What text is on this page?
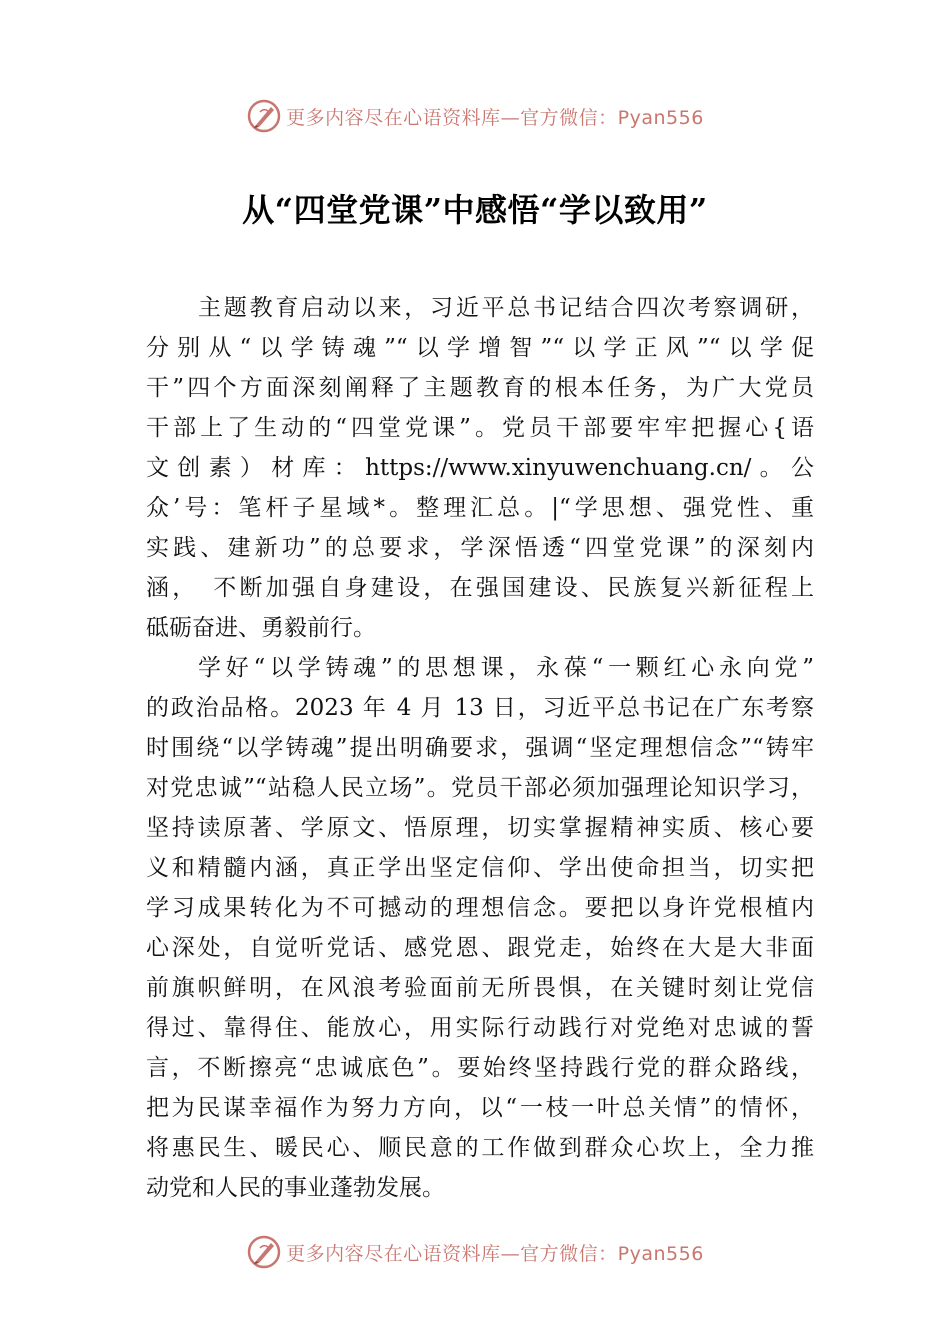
更多内容尽在心语资料库—官方微信：Pyan556
从“四堂党课”中感悟“学以致用”
主题教育启动以来，习近平总书记结合四次考察调研，
分别从“以学铸魂”“以学增智”“以学正风”“以学促
干”四个方面深刻阐释了主题教育的根本任务，为广大党员
干部上了生动的“四堂党课”。党员干部要牢牢把握心{语
文创素）材库：https://www.xinyuwenchuang.cn/。公
众’号：笔杆子星域*。整理汇总。|“学思想、强党性、重
实践、建新功”的总要求，学深悟透“四堂党课”的深刻内
涵，　不断加强自身建设，在强国建设、民族复兴新征程上
砥砺奋进、勇毅前行。
学好“以学铸魂”的思想课，永葆“一颗红心永向党”
的政治品格。2023 年 4 月 13 日，习近平总书记在广东考察
时围绕“以学铸魂”提出明确要求，强调“坚定理想信念”“铸牢
对党忠诚”“站稳人民立场”。党员干部必须加强理论知识学习，
坚持读原著、学原文、悟原理，切实掌握精神实质、核心要
义和精髓内涵，真正学出坚定信仰、学出使命担当，切实把
学习成果转化为不可撼动的理想信念。要把以身许党根植内
心深处，自觉听党话、感党恩、跟党走，始终在大是大非面
前旗帜鲜明，在风浪考验面前无所畏惧，在关键时刻让党信
得过、靠得住、能放心，用实际行动践行对党绝对忠诚的誓
言，不断擦亮“忠诚底色”。要始终坚持践行党的群众路线，
把为民谋幸福作为努力方向，以“一枝一叶总关情”的情怀，
将惠民生、暖民心、顺民意的工作做到群众心坎上，全力推
动党和人民的事业蓬勃发展。
更多内容尽在心语资料库—官方微信：Pyan556
